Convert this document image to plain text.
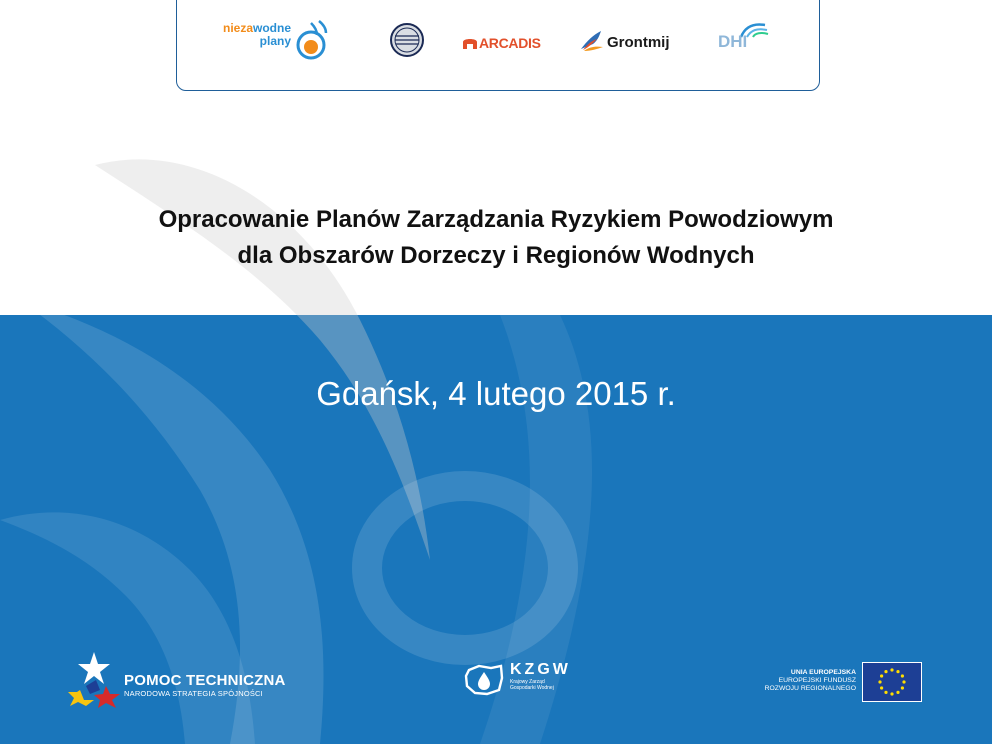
niezawodne
plany	ARCADIS	Grontmij	DHI
Opracowanie Planów Zarządzania Ryzykiem Powodziowym
dla Obszarów Dorzeczy i Regionów Wodnych

Gdańsk, 4 lutego 2015 r.

POMOC TECHNICZNA
NARODOWA STRATEGIA SPÓJNOŚCI
KZGW
Krajowy Zarząd
Gospodarki Wodnej
UNIA EUROPEJSKA
EUROPEJSKI FUNDUSZ
ROZWOJU REGIONALNEGO
